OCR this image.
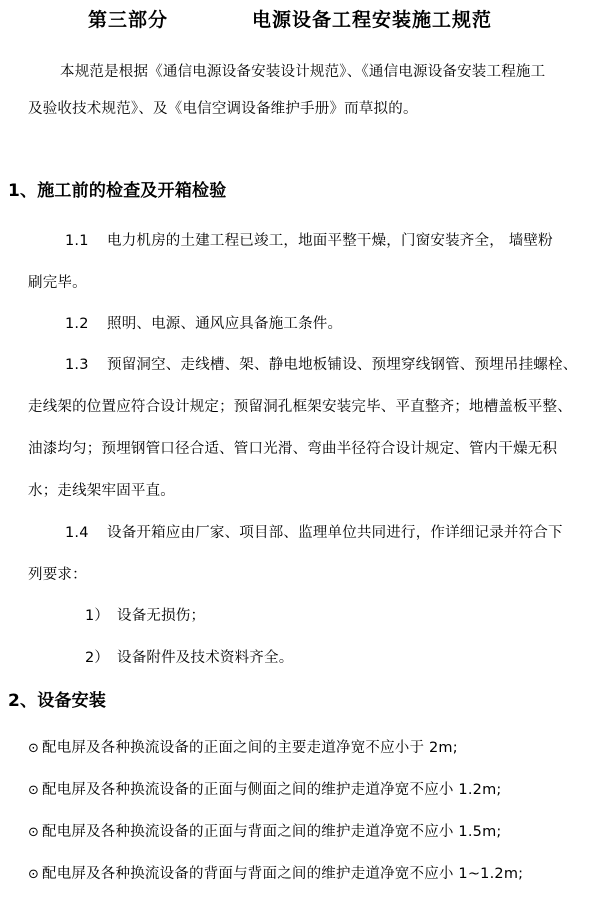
第三部分	电源设备工程安装施工规范
本规范是根据《通信电源设备安装设计规范》、《通信电源设备安装工程施工
及验收技术规范》、及《电信空调设备维护手册》而草拟的。
1、施工前的检查及开箱检验
1.1 电力机房的土建工程已竣工，地面平整干燥，门窗安装齐全， 墙壁粉
刷完毕。
1.2 照明、电源、通风应具备施工条件。
1.3 预留洞空、走线槽、架、静电地板铺设、预埋穿线钢管、预埋吊挂螺栓、
走线架的位置应符合设计规定；预留洞孔框架安装完毕、平直整齐；地槽盖板平整、
油漆均匀；预埋钢管口径合适、管口光滑、弯曲半径符合设计规定、管内干燥无积
水；走线架牢固平直。
1.4 设备开箱应由厂家、项目部、监理单位共同进行，作详细记录并符合下
列要求：
1） 设备无损伤；
2） 设备附件及技术资料齐全。
2、设备安装
⊙ 配电屏及各种换流设备的正面之间的主要走道净宽不应小于 2m;
⊙ 配电屏及各种换流设备的正面与侧面之间的维护走道净宽不应小 1.2m;
⊙ 配电屏及各种换流设备的正面与背面之间的维护走道净宽不应小 1.5m;
⊙ 配电屏及各种换流设备的背面与背面之间的维护走道净宽不应小 1~1.2m;
